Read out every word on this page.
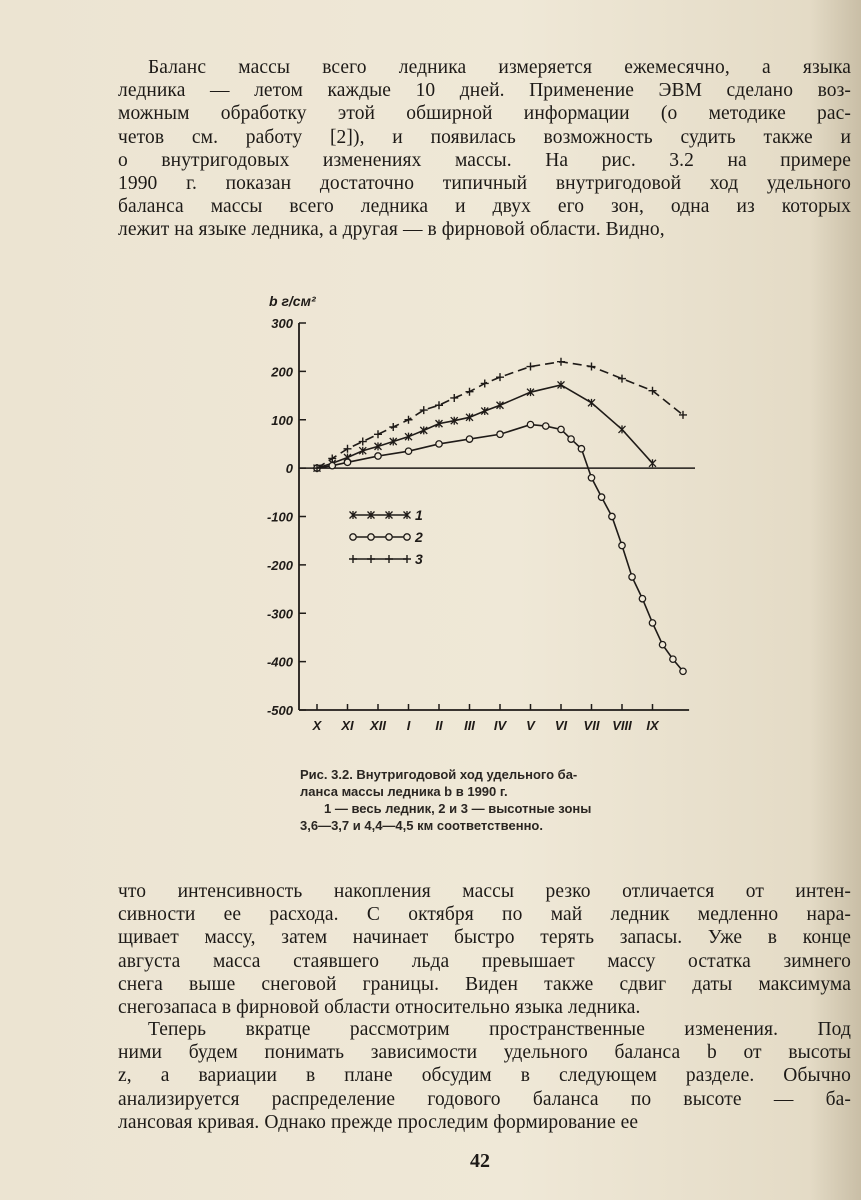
Баланс массы всего ледника измеряется ежемесячно, а языка
ледника — летом каждые 10 дней. Применение ЭВМ сделано воз-
можным обработку этой обширной информации (о методике рас-
четов см. работу [2]), и появилась возможность судить также и
о внутригодовых изменениях массы. На рис. 3.2 на примере
1990 г. показан достаточно типичный внутригодовой ход удельного
баланса массы всего ледника и двух его зон, одна из которых
лежит на языке ледника, а другая — в фирновой области. Видно,
b г/см²
300
200
100
0
-100
-200
-300
-400
-500
X XI XII I II III IV V VI VII VIII IX
1
2
3
Рис. 3.2. Внутригодовой ход удельного ба-
ланса массы ледника b в 1990 г.
1 — весь ледник, 2 и 3 — высотные зоны
3,6—3,7 и 4,4—4,5 км соответственно.
что интенсивность накопления массы резко отличается от интен-
сивности ее расхода. С октября по май ледник медленно нара-
щивает массу, затем начинает быстро терять запасы. Уже в конце
августа масса стаявшего льда превышает массу остатка зимнего
снега выше снеговой границы. Виден также сдвиг даты максимума
снегозапаса в фирновой области относительно языка ледника.
Теперь вкратце рассмотрим пространственные изменения. Под
ними будем понимать зависимости удельного баланса b от высоты
z, а вариации в плане обсудим в следующем разделе. Обычно
анализируется распределение годового баланса по высоте — ба-
лансовая кривая. Однако прежде проследим формирование ее
42
